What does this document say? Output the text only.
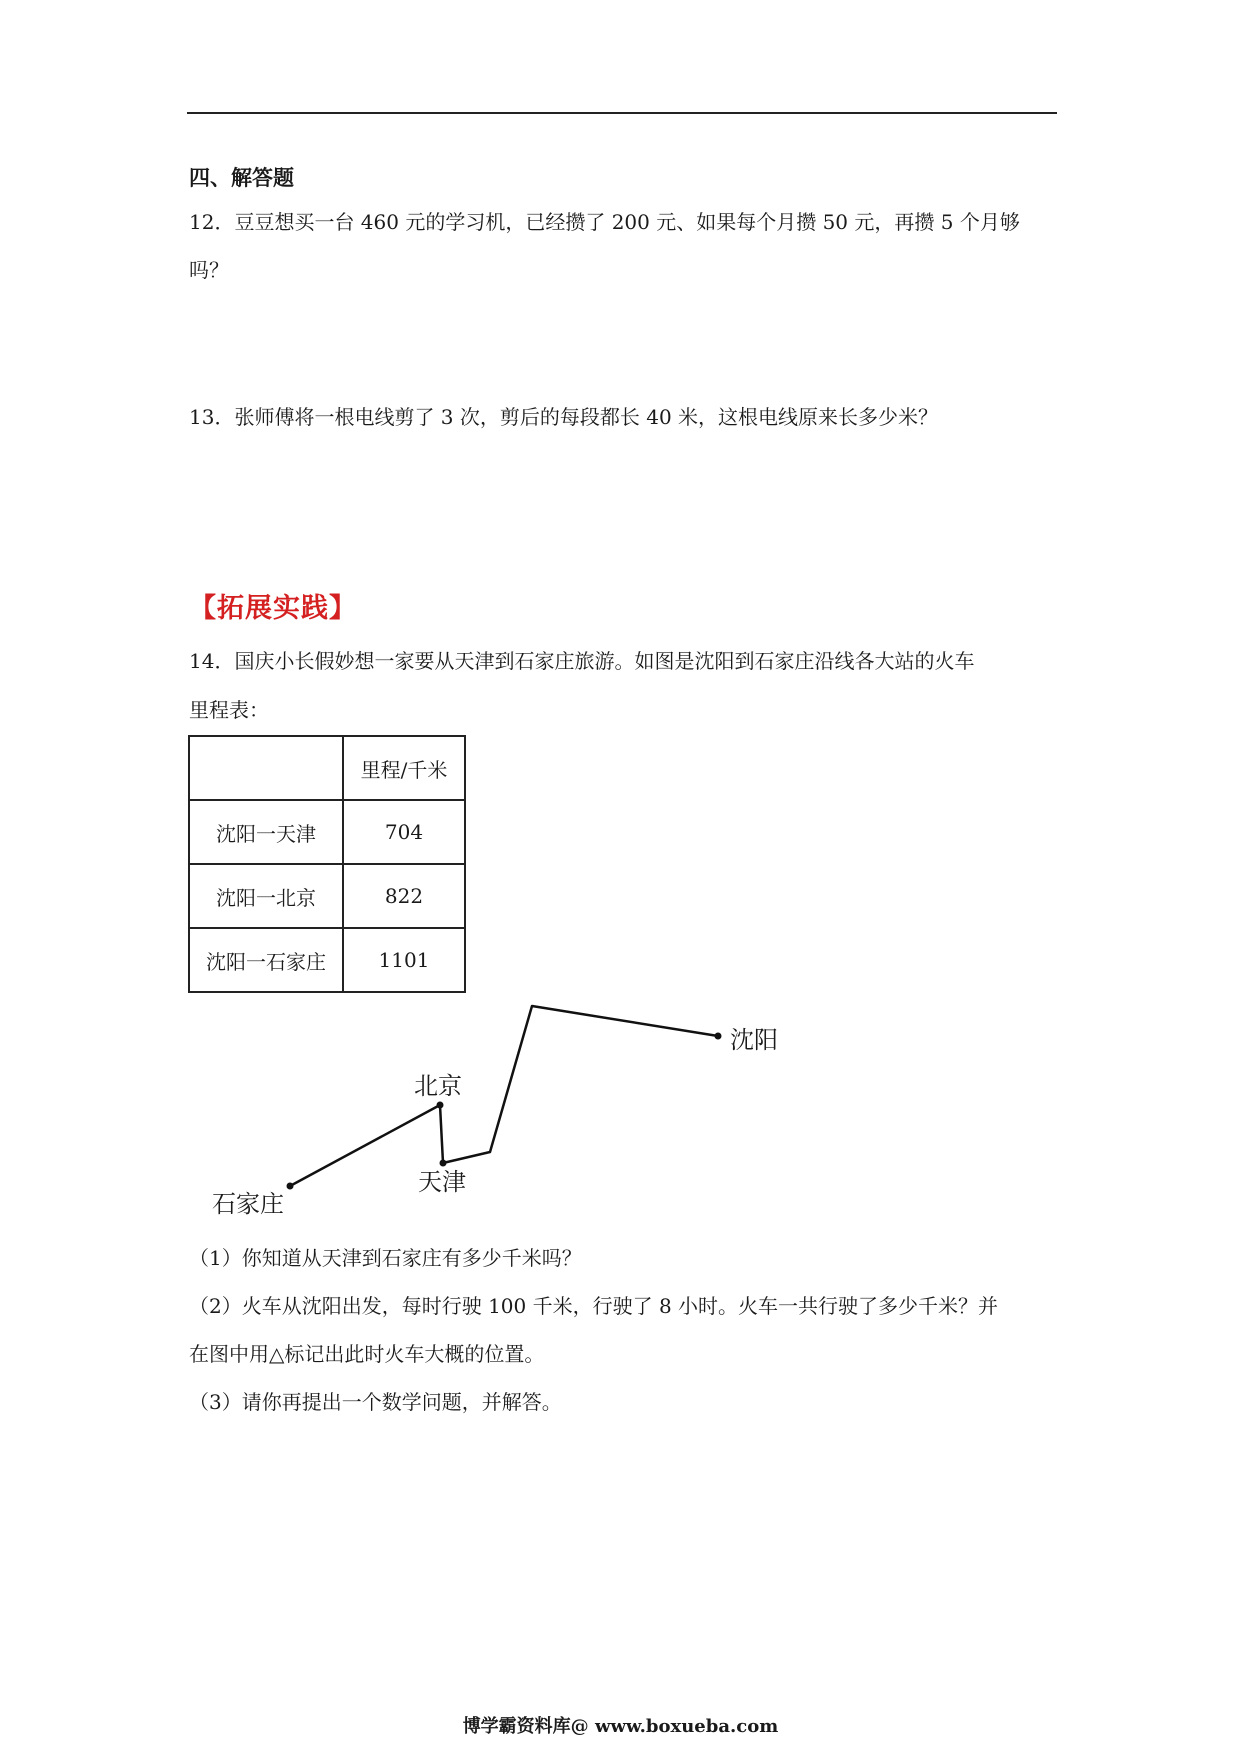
四、解答题
12．豆豆想买一台 460 元的学习机，已经攒了 200 元、如果每个月攒 50 元，再攒 5 个月够
吗？
13．张师傅将一根电线剪了 3 次，剪后的每段都长 40 米，这根电线原来长多少米？
【拓展实践】
14．国庆小长假妙想一家要从天津到石家庄旅游。如图是沈阳到石家庄沿线各大站的火车
里程表：
	里程/千米
沈阳一天津	704
沈阳一北京	822
沈阳一石家庄	1101
沈阳
北京
天津
石家庄
（1）你知道从天津到石家庄有多少千米吗？
（2）火车从沈阳出发，每时行驶 100 千米，行驶了 8 小时。火车一共行驶了多少千米？并
在图中用△标记出此时火车大概的位置。
（3）请你再提出一个数学问题，并解答。
博学霸资料库@ www.boxueba.com
